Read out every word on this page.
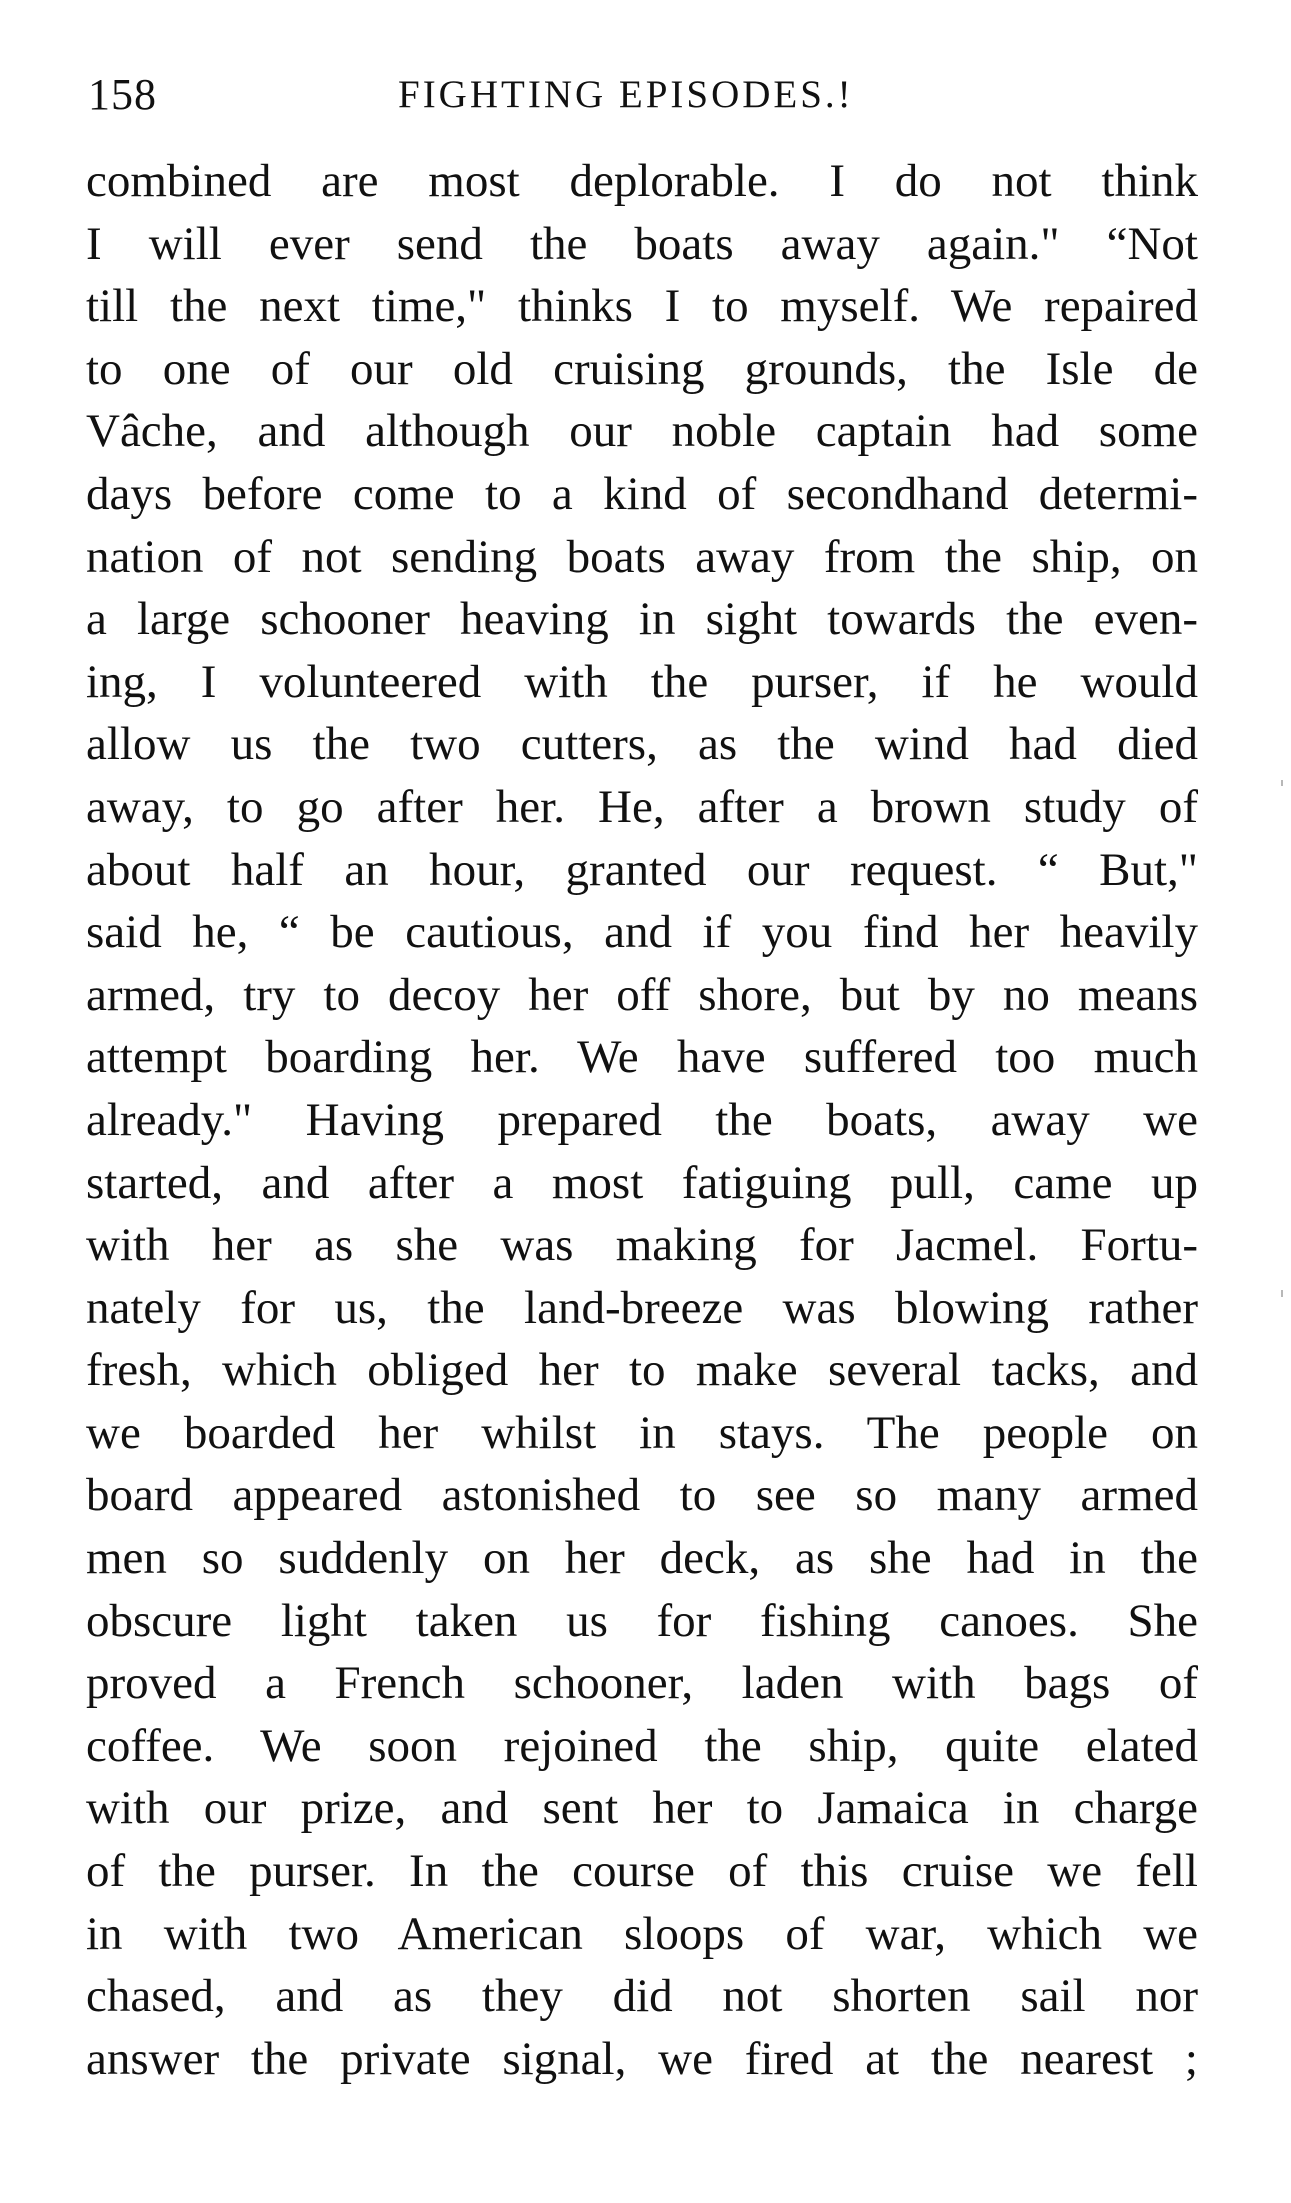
158	FIGHTING EPISODES.!
combined are most deplorable. I do not think
I will ever send the boats away again." “Not
till the next time," thinks I to myself. We repaired
to one of our old cruising grounds, the Isle de
Vâche, and although our noble captain had some
days before come to a kind of secondhand determi-
nation of not sending boats away from the ship, on
a large schooner heaving in sight towards the even-
ing, I volunteered with the purser, if he would
allow us the two cutters, as the wind had died
away, to go after her. He, after a brown study of
about half an hour, granted our request. “ But,"
said he, “ be cautious, and if you find her heavily
armed, try to decoy her off shore, but by no means
attempt boarding her. We have suffered too much
already." Having prepared the boats, away we
started, and after a most fatiguing pull, came up
with her as she was making for Jacmel. Fortu-
nately for us, the land-breeze was blowing rather
fresh, which obliged her to make several tacks, and
we boarded her whilst in stays. The people on
board appeared astonished to see so many armed
men so suddenly on her deck, as she had in the
obscure light taken us for fishing canoes. She
proved a French schooner, laden with bags of
coffee. We soon rejoined the ship, quite elated
with our prize, and sent her to Jamaica in charge
of the purser. In the course of this cruise we fell
in with two American sloops of war, which we
chased, and as they did not shorten sail nor
answer the private signal, we fired at the nearest ;
